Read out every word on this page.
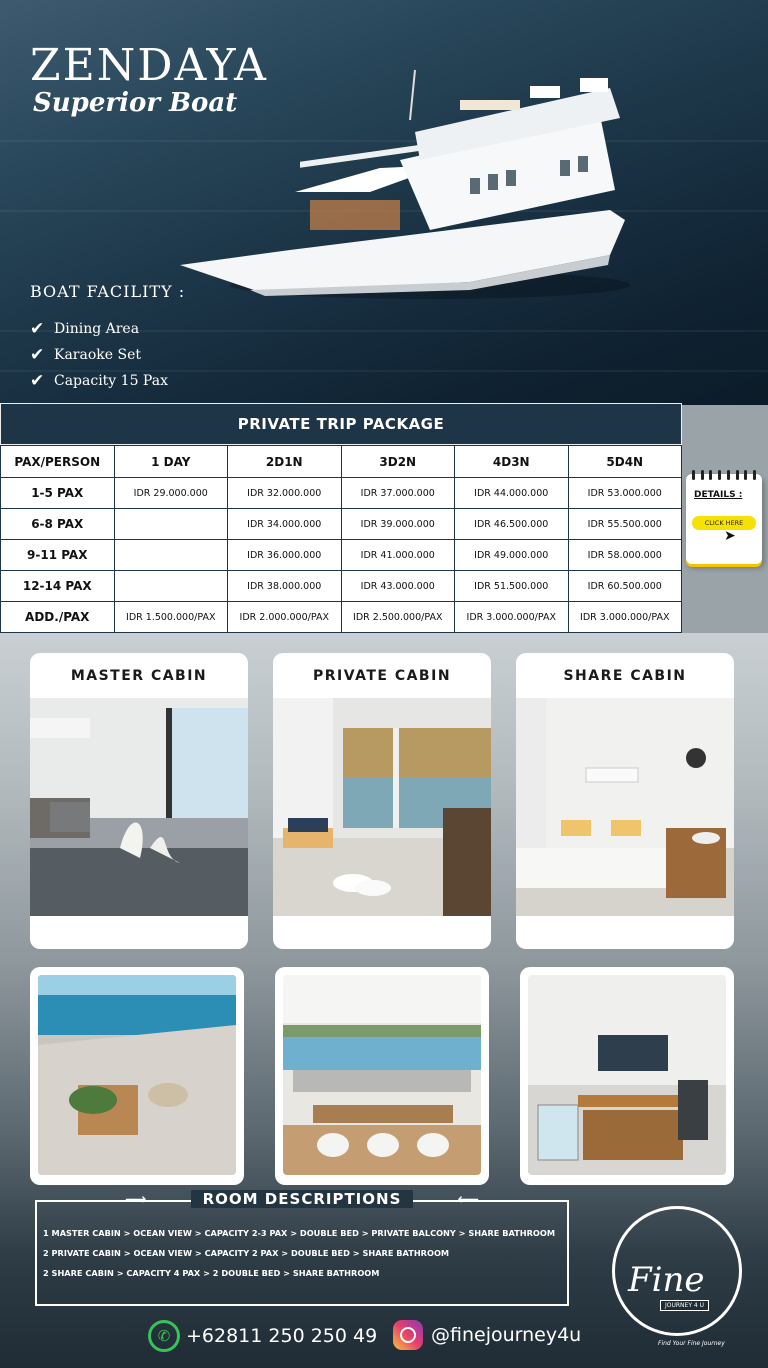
ZENDAYA
Superior Boat
BOAT FACILITY :
✔ Dining Area
✔ Karaoke Set
✔ Capacity 15 Pax
PRIVATE TRIP PACKAGE
PAX/PERSON	1 DAY	2D1N	3D2N	4D3N	5D4N
1-5 PAX	IDR 29.000.000	IDR 32.000.000	IDR 37.000.000	IDR 44.000.000	IDR 53.000.000
6-8 PAX		IDR 34.000.000	IDR 39.000.000	IDR 46.500.000	IDR 55.500.000
9-11 PAX		IDR 36.000.000	IDR 41.000.000	IDR 49.000.000	IDR 58.000.000
12-14 PAX		IDR 38.000.000	IDR 43.000.000	IDR 51.500.000	IDR 60.500.000
ADD./PAX	IDR 1.500.000/PAX	IDR 2.000.000/PAX	IDR 2.500.000/PAX	IDR 3.000.000/PAX	IDR 3.000.000/PAX
DETAILS :
CLICK HERE
➤
MASTER CABIN	PRIVATE CABIN	SHARE CABIN
⟶	ROOM DESCRIPTIONS	⟵
1 MASTER CABIN > OCEAN VIEW > CAPACITY 2-3 PAX > DOUBLE BED > PRIVATE BALCONY > SHARE BATHROOM
2 PRIVATE CABIN > OCEAN VIEW > CAPACITY 2 PAX > DOUBLE BED > SHARE BATHROOM
2 SHARE CABIN > CAPACITY 4 PAX > 2 DOUBLE BED > SHARE BATHROOM
✆ +62811 250 250 49	@finejourney4u
Fine
JOURNEY 4 U
Find Your Fine Journey
